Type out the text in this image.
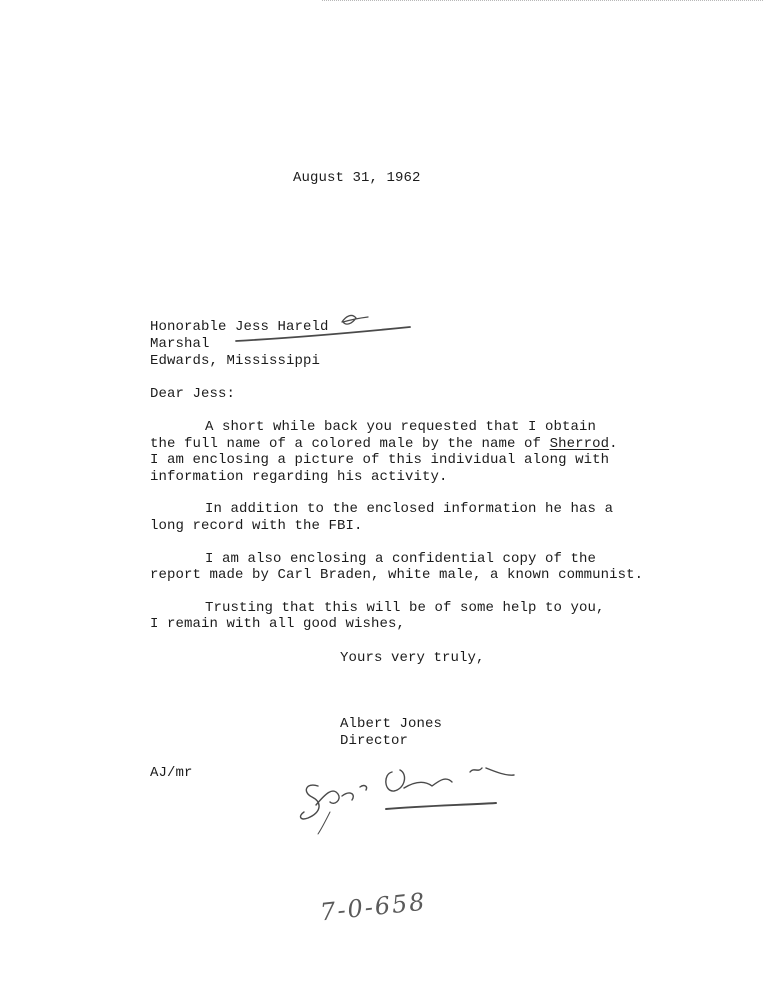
August 31, 1962
Honorable Jess Hareld
Marshal
Edwards, Mississippi
Dear Jess:
A short while back you requested that I obtain
the full name of a colored male by the name of Sherrod.
I am enclosing a picture of this individual along with
information regarding his activity.
In addition to the enclosed information he has a
long record with the FBI.
I am also enclosing a confidential copy of the
report made by Carl Braden, white male, a known communist.
Trusting that this will be of some help to you,
I remain with all good wishes,
Yours very truly,
Albert Jones
Director
AJ/mr
7-0-658
